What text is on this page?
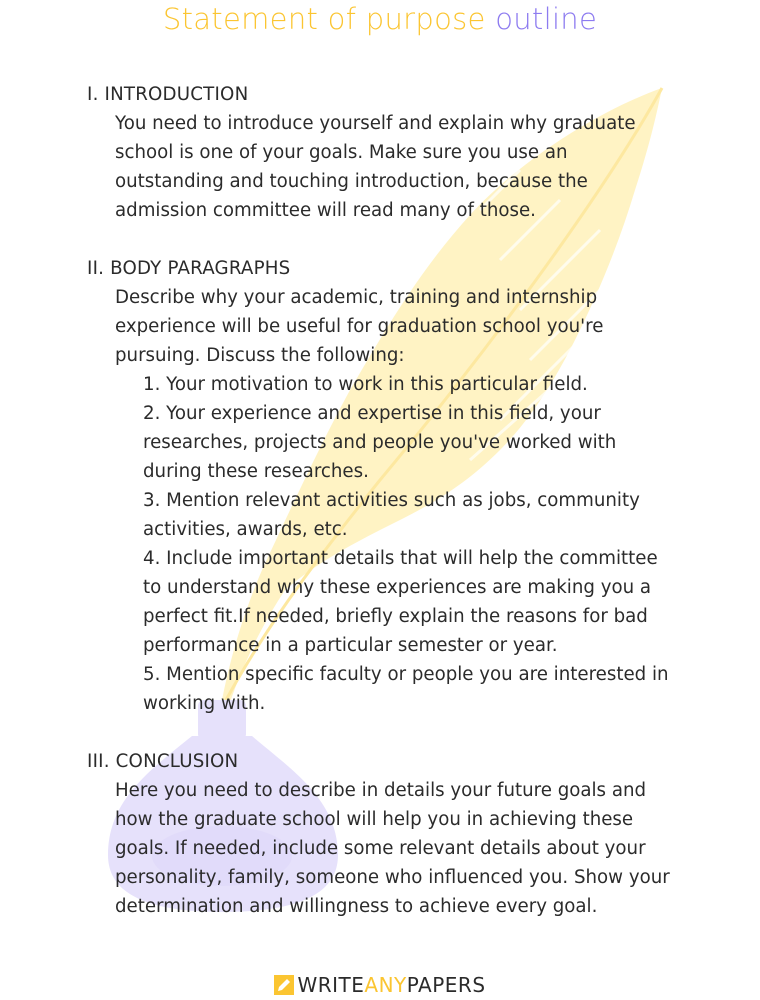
Statement of purpose outline
I. INTRODUCTION
You need to introduce yourself and explain why graduate school is one of your goals. Make sure you use an outstanding and touching introduction, because the admission committee will read many of those.
II. BODY PARAGRAPHS
Describe why your academic, training and internship experience will be useful for graduation school you're pursuing. Discuss the following:
1. Your motivation to work in this particular field.
2. Your experience and expertise in this field, your researches, projects and people you've worked with during these researches.
3. Mention relevant activities such as jobs, community activities, awards, etc.
4. Include important details that will help the committee to understand why these experiences are making you a perfect fit.If needed, briefly explain the reasons for bad performance in a particular semester or year.
5. Mention specific faculty or people you are interested in working with.
III. CONCLUSION
Here you need to describe in details your future goals and how the graduate school will help you in achieving these goals. If needed, include some relevant details about your personality, family, someone who influenced you. Show your determination and willingness to achieve every goal.
WRITEANYPAPERS
